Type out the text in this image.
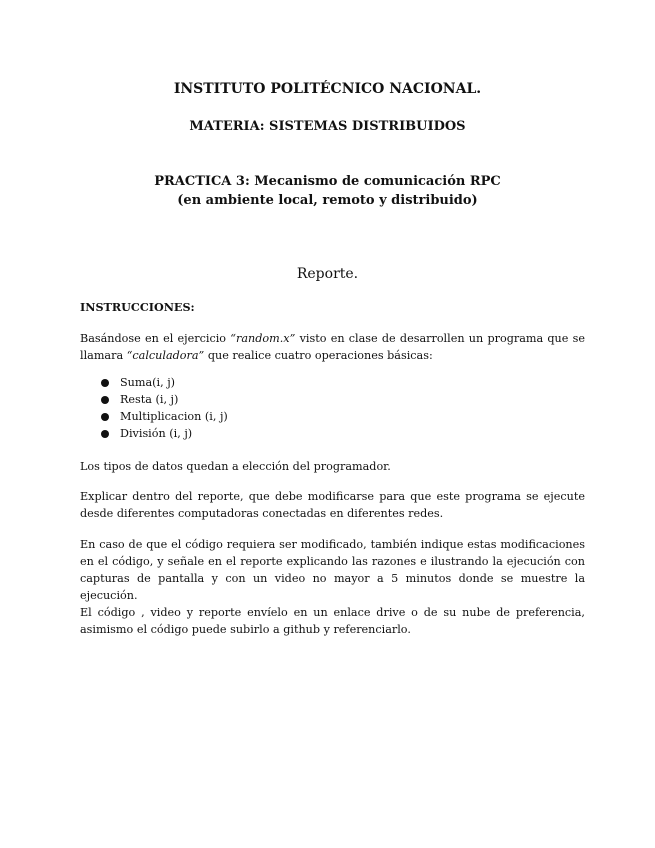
INSTITUTO POLITÉCNICO NACIONAL.
MATERIA: SISTEMAS DISTRIBUIDOS
PRACTICA 3: Mecanismo de comunicación RPC
(en ambiente local, remoto y distribuido)
Reporte.
INSTRUCCIONES:
Basándose en el ejercicio “random.x” visto en clase de desarrollen un programa que se
llamara “calculadora” que realice cuatro operaciones básicas:
Suma(i, j)
Resta (i, j)
Multiplicacion (i, j)
División (i, j)
Los tipos de datos quedan a elección del programador.
Explicar dentro del reporte, que debe modificarse para que este programa se ejecute
desde diferentes computadoras conectadas en diferentes redes.
En caso de que el código requiera ser modificado, también indique estas modificaciones
en el código, y señale en el reporte explicando las razones e ilustrando la ejecución con
capturas de pantalla y con un video no mayor a 5 minutos donde se muestre la ejecución.
El código , video y reporte envíelo en un enlace drive o de su nube de preferencia,
asimismo el código puede subirlo a github y referenciarlo.
